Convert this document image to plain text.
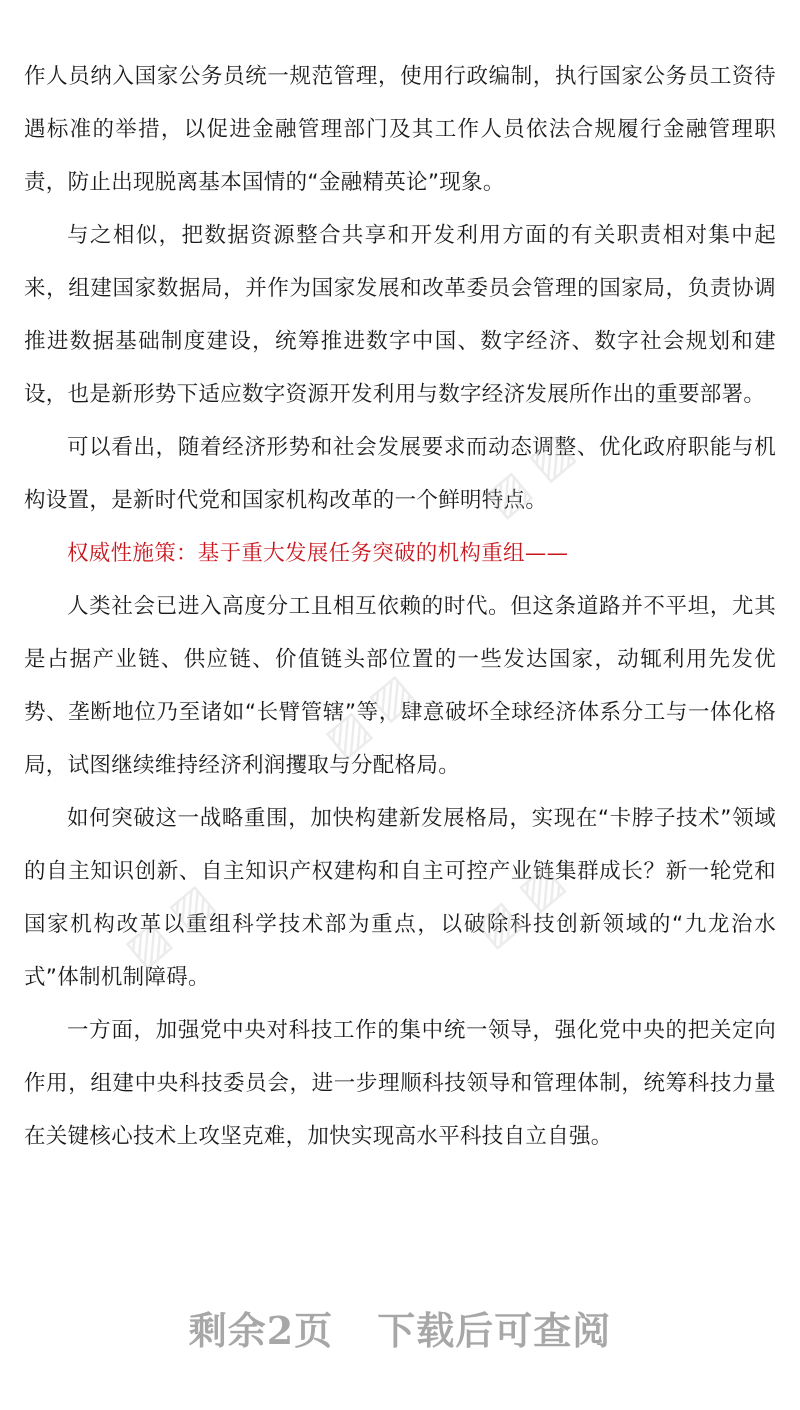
作人员纳入国家公务员统一规范管理，使用行政编制，执行国家公务员工资待遇标准的举措，以促进金融管理部门及其工作人员依法合规履行金融管理职责，防止出现脱离基本国情的“金融精英论”现象。

与之相似，把数据资源整合共享和开发利用方面的有关职责相对集中起来，组建国家数据局，并作为国家发展和改革委员会管理的国家局，负责协调推进数据基础制度建设，统筹推进数字中国、数字经济、数字社会规划和建设，也是新形势下适应数字资源开发利用与数字经济发展所作出的重要部署。

可以看出，随着经济形势和社会发展要求而动态调整、优化政府职能与机构设置，是新时代党和国家机构改革的一个鲜明特点。

权威性施策：基于重大发展任务突破的机构重组——

人类社会已进入高度分工且相互依赖的时代。但这条道路并不平坦，尤其是占据产业链、供应链、价值链头部位置的一些发达国家，动辄利用先发优势、垄断地位乃至诸如“长臂管辖”等，肆意破坏全球经济体系分工与一体化格局，试图继续维持经济利润攫取与分配格局。

如何突破这一战略重围，加快构建新发展格局，实现在“卡脖子技术”领域的自主知识创新、自主知识产权建构和自主可控产业链集群成长？新一轮党和国家机构改革以重组科学技术部为重点，以破除科技创新领域的“九龙治水式”体制机制障碍。

一方面，加强党中央对科技工作的集中统一领导，强化党中央的把关定向作用，组建中央科技委员会，进一步理顺科技领导和管理体制，统筹科技力量在关键核心技术上攻坚克难，加快实现高水平科技自立自强。

▨ ▨
▨ ▨
▨ ▨	▨ ▨
剩余2页 下载后可查阅
